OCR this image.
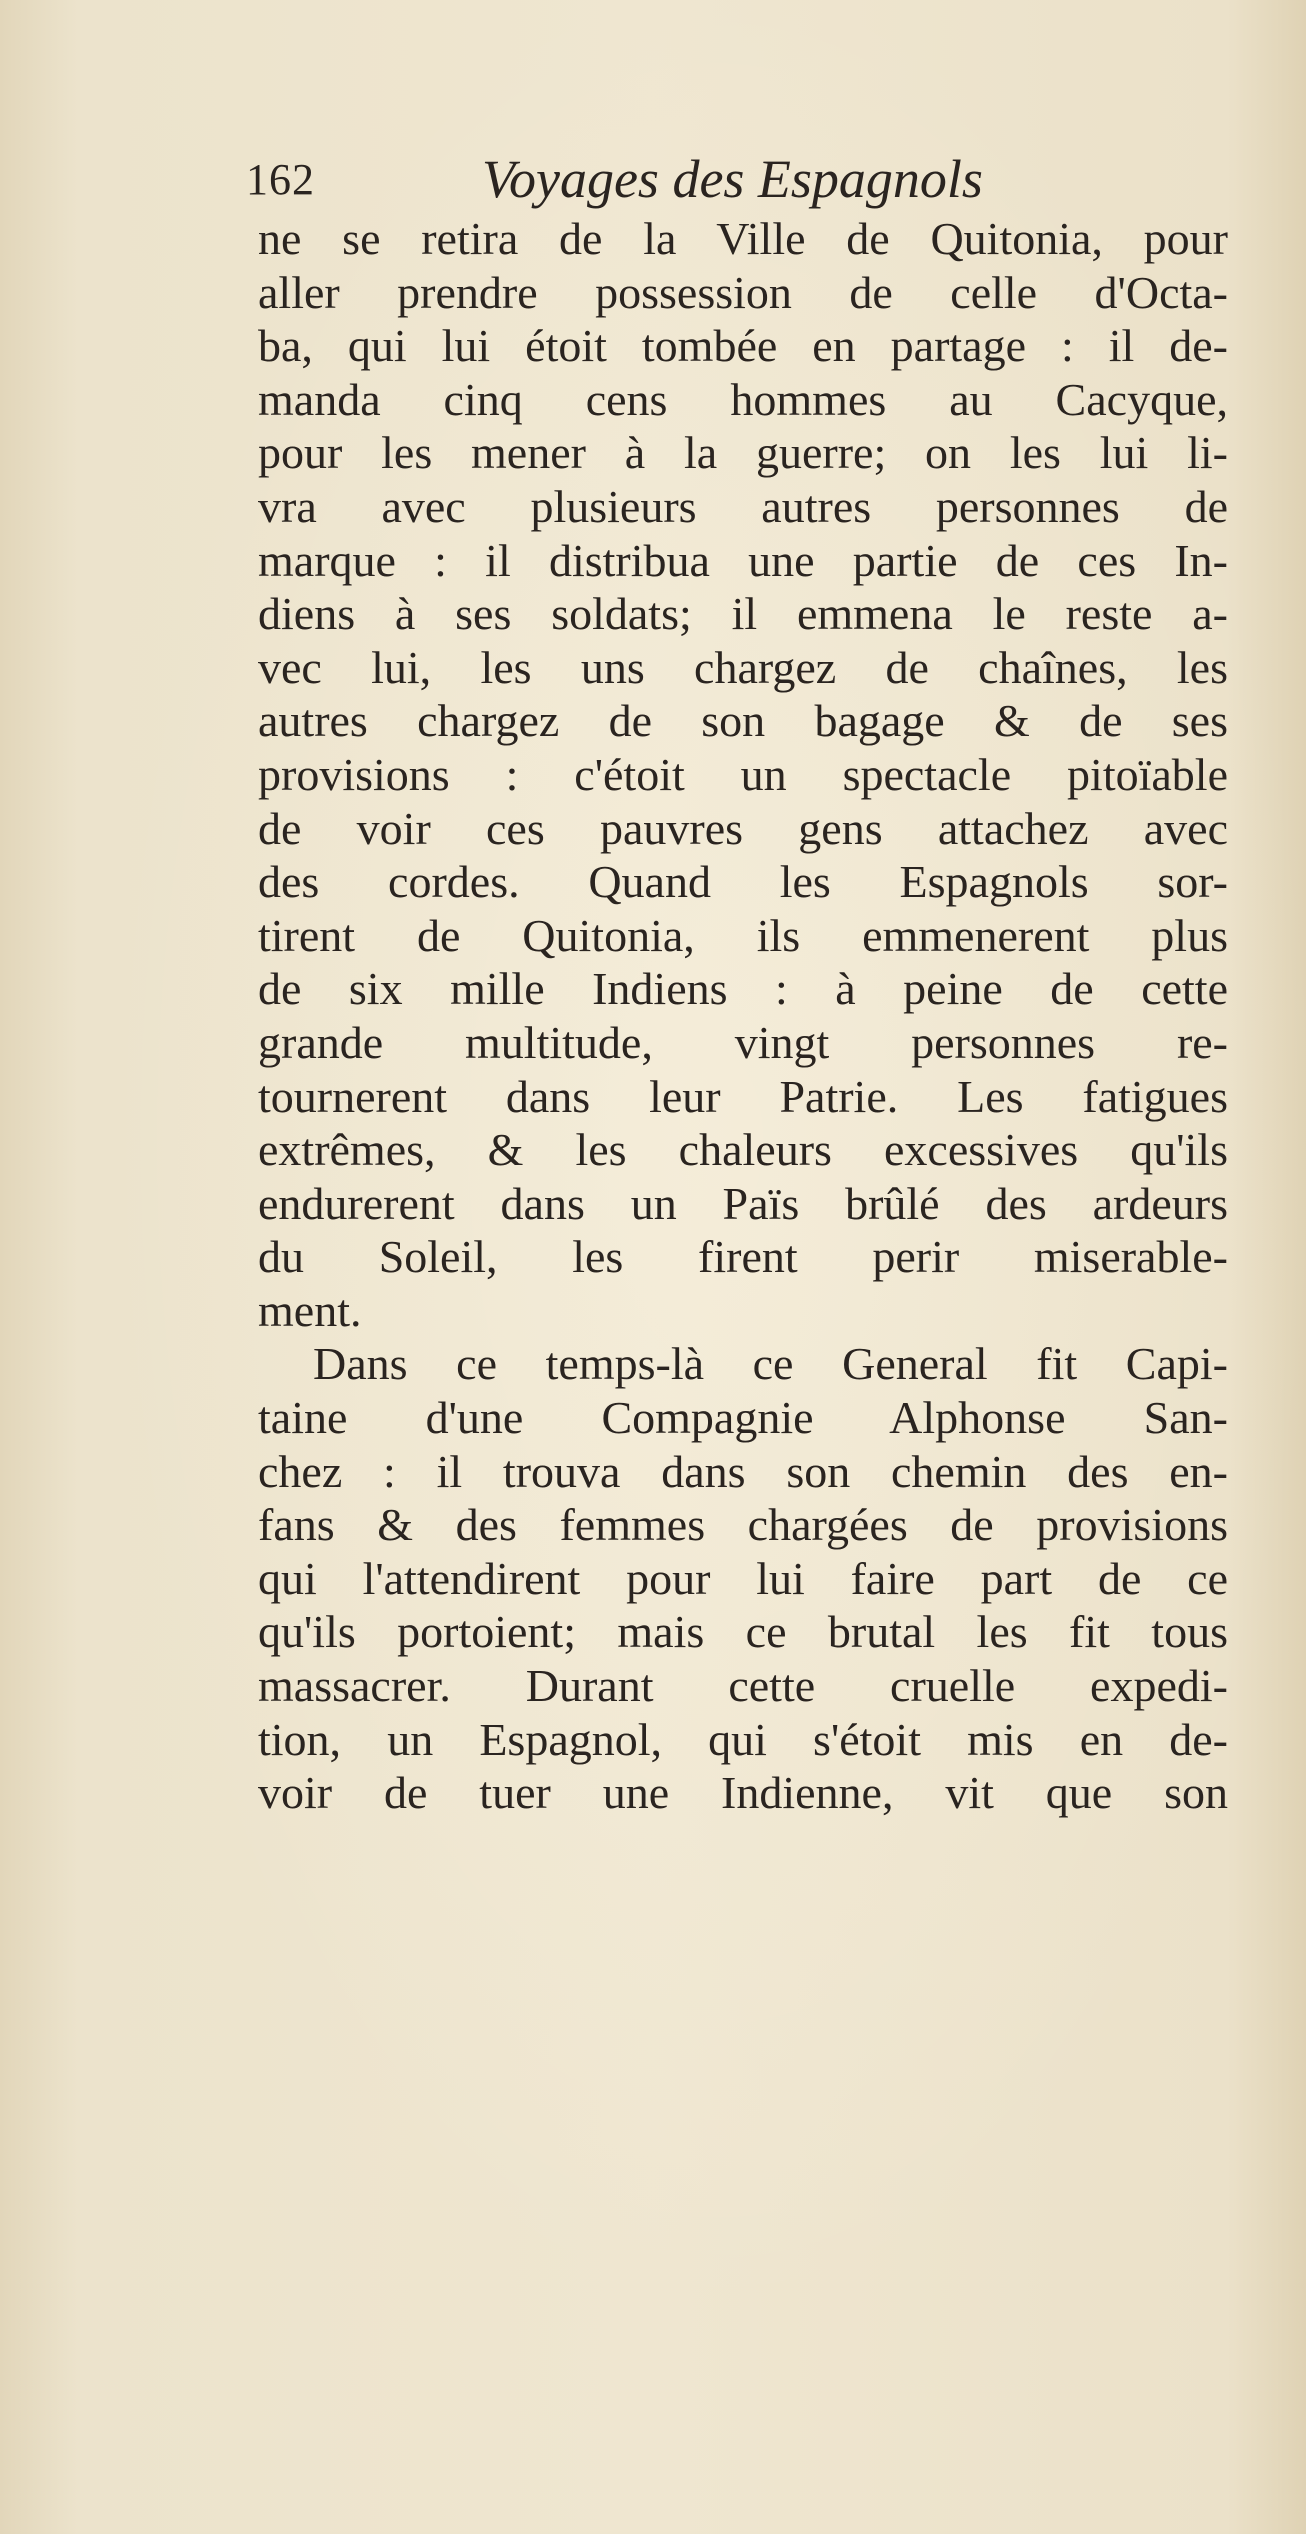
162	Voyages des Espagnols
ne se retira de la Ville de Quitonia, pour
aller prendre possession de celle d'Octa-
ba, qui lui étoit tombée en partage : il de-
manda cinq cens hommes au Cacyque,
pour les mener à la guerre; on les lui li-
vra avec plusieurs autres personnes de
marque : il distribua une partie de ces In-
diens à ses soldats; il emmena le reste a-
vec lui, les uns chargez de chaînes, les
autres chargez de son bagage & de ses
provisions : c'étoit un spectacle pitoïable
de voir ces pauvres gens attachez avec
des cordes. Quand les Espagnols sor-
tirent de Quitonia, ils emmenerent plus
de six mille Indiens : à peine de cette
grande multitude, vingt personnes re-
tournerent dans leur Patrie. Les fatigues
extrêmes, & les chaleurs excessives qu'ils
endurerent dans un Païs brûlé des ardeurs
du Soleil, les firent perir miserable-
ment.
Dans ce temps-là ce General fit Capi-
taine d'une Compagnie Alphonse San-
chez : il trouva dans son chemin des en-
fans & des femmes chargées de provisions
qui l'attendirent pour lui faire part de ce
qu'ils portoient; mais ce brutal les fit tous
massacrer. Durant cette cruelle expedi-
tion, un Espagnol, qui s'étoit mis en de-
voir de tuer une Indienne, vit que son
